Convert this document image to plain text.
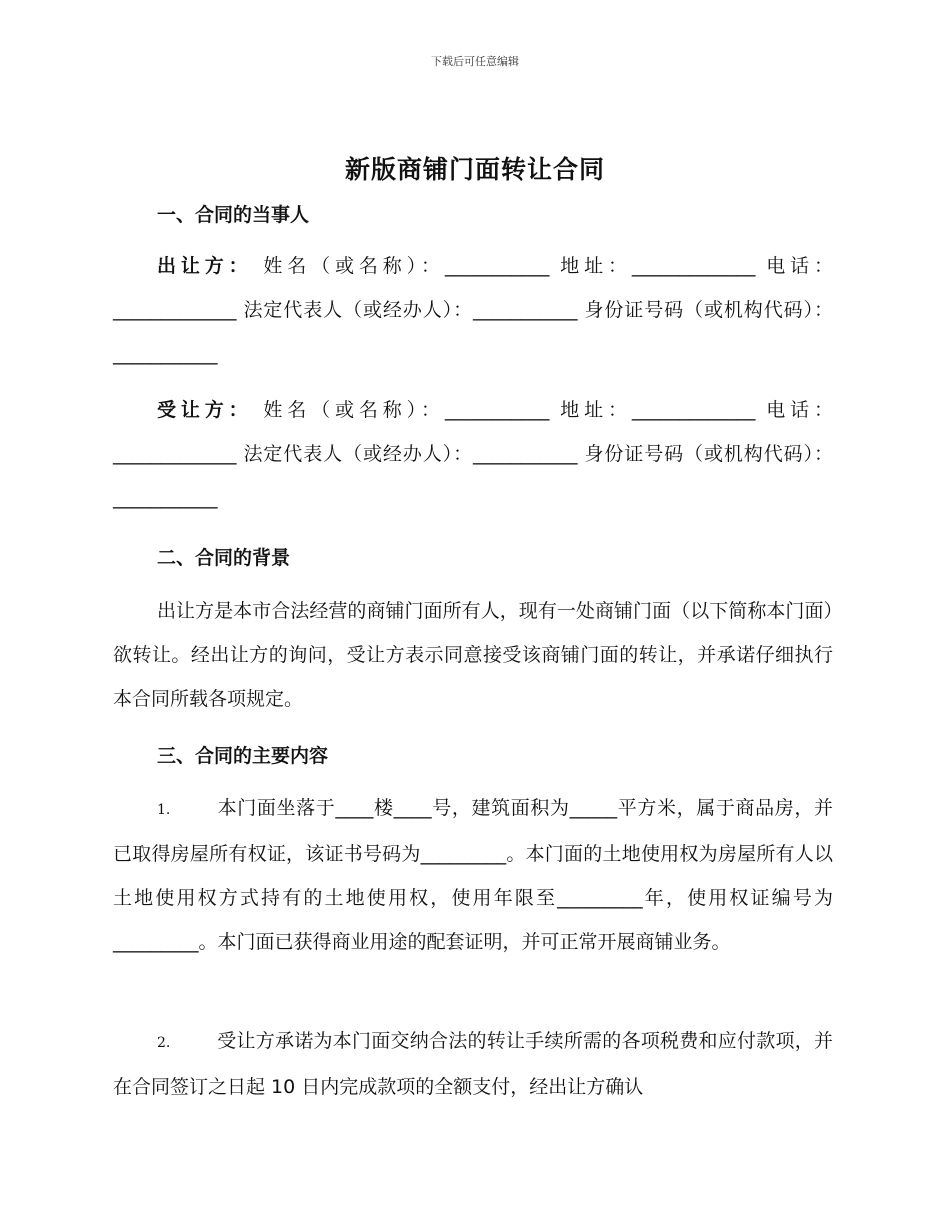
下载后可任意编辑
新版商铺门面转让合同
一、合同的当事人
出让方： 姓名（或名称）：___________ 地址：_____________ 电话：_____________ 法定代表人（或经办人）：___________ 身份证号码（或机构代码）：___________
受让方： 姓名（或名称）：___________ 地址：_____________ 电话：_____________ 法定代表人（或经办人）：___________ 身份证号码（或机构代码）：___________
二、合同的背景
出让方是本市合法经营的商铺门面所有人，现有一处商铺门面（以下简称本门面）欲转让。经出让方的询问，受让方表示同意接受该商铺门面的转让，并承诺仔细执行本合同所载各项规定。
三、合同的主要内容
1. 本门面坐落于____楼____号，建筑面积为_____平方米，属于商品房，并已取得房屋所有权证，该证书号码为_________。本门面的土地使用权为房屋所有人以土地使用权方式持有的土地使用权，使用年限至_________年，使用权证编号为_________。本门面已获得商业用途的配套证明，并可正常开展商铺业务。
2. 受让方承诺为本门面交纳合法的转让手续所需的各项税费和应付款项，并在合同签订之日起 10 日内完成款项的全额支付，经出让方确认
